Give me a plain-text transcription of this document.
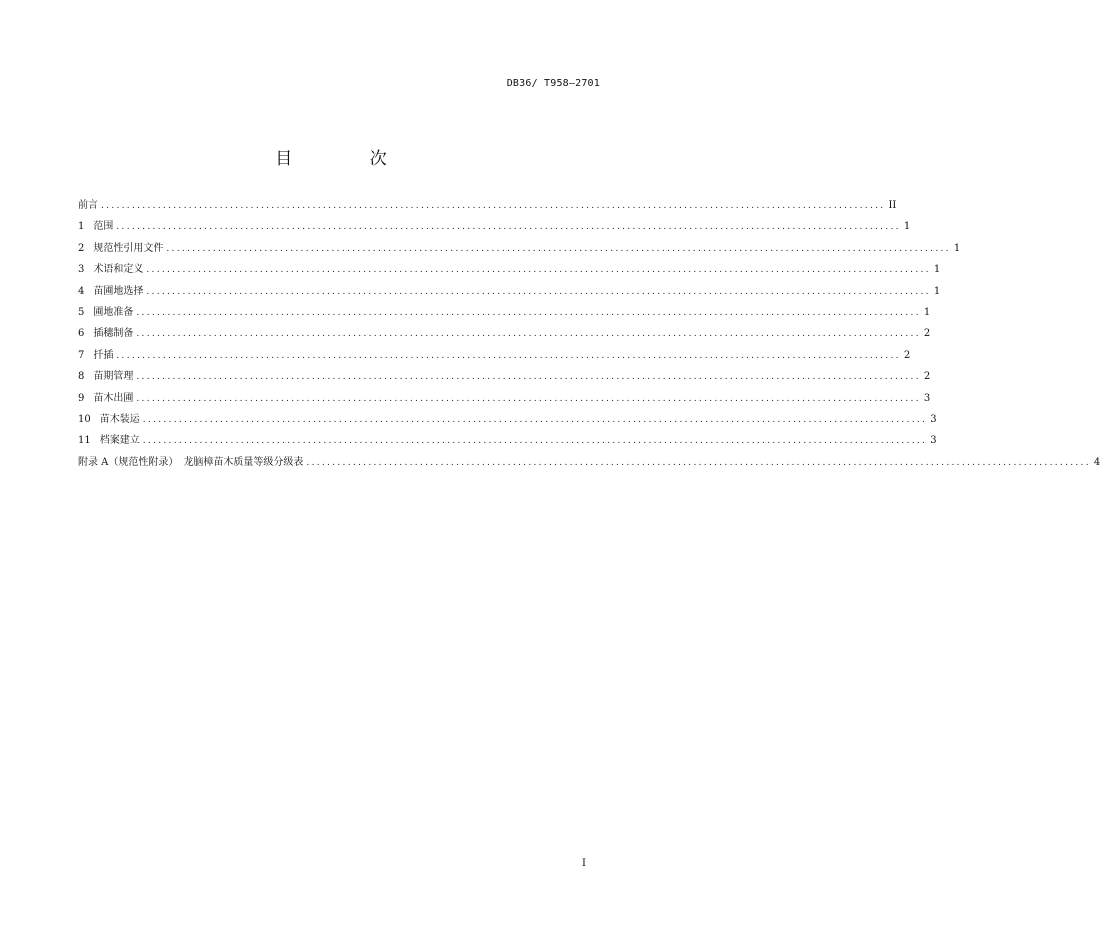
DB36/ T958—2701
目 次
前言 ........................................................................................................................................................ II
1 范围 ........................................................................................................................................................ 1
2 规范性引用文件 ........................................................................................................................................................ 1
3 术语和定义 ........................................................................................................................................................ 1
4 苗圃地选择 ........................................................................................................................................................ 1
5 圃地准备 ........................................................................................................................................................ 1
6 插穗制备 ........................................................................................................................................................ 2
7 扦插 ........................................................................................................................................................ 2
8 苗期管理 ........................................................................................................................................................ 2
9 苗木出圃 ........................................................................................................................................................ 3
10 苗木装运 ........................................................................................................................................................ 3
11 档案建立 ........................................................................................................................................................ 3
附录 A（规范性附录）　龙脑樟苗木质量等级分级表 ........................................................................................................................................................ 4
I
